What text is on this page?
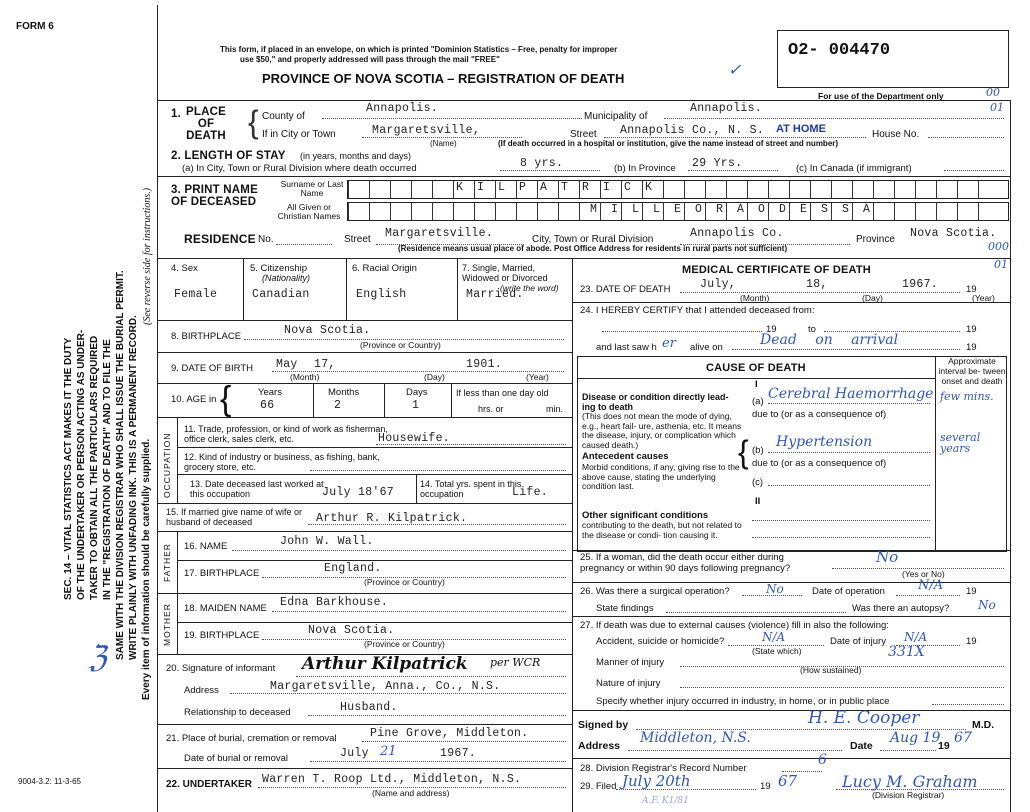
FORM 6
This form, if placed in an envelope, on which is printed "Dominion Statistics – Free, penalty for improper
use $50," and properly addressed will pass through the mail "FREE"
PROVINCE OF NOVA SCOTIA – REGISTRATION OF DEATH
O2- 004470
For use of the Department only	00
01
✓
SEC. 14 – VITAL STATISTICS ACT MAKES IT THE DUTY OF THE UNDERTAKER OR PERSON ACTING AS UNDER- TAKER TO OBTAIN ALL THE PARTICULARS REQUIRED IN THE "REGISTRATION OF DEATH" AND TO FILE THE SAME WITH THE DIVISION REGISTRAR WHO SHALL ISSUE THE BURIAL PERMIT. WRITE PLAINLY WITH UNFADING INK. THIS IS A PERMANENT RECORD. Every item of information should be carefully supplied.
(See reverse side for instructions.)
ℨ
9004-3.2: 11-3-65
1. PLACE OF DEATH { County of
Annapolis.
Municipality of
Annapolis.
If in City or Town	Margaretsville,
(Name)
Street Annapolis Co., N. S. AT HOME	House No.
(If death occurred in a hospital or institution, give the name instead of street and number)
2. LENGTH OF STAY (in years, months and days)
(a) In City, Town or Rural Division where death occurred	8 yrs.	(b) In Province 29 Yrs.	(c) In Canada (if immigrant)
3. PRINT NAME OF DECEASED
Surname or Last Name
All Given or Christian Names
K I L P A T R I C K
M I L L E O R A O D E S S A
RESIDENCE No.	Street Margaretsville.	City, Town or Rural Division	Annapolis Co.	Province Nova Scotia.
(Residence means usual place of abode. Post Office Address for residents in rural parts not sufficient)	000
01
4. Sex
Female
5. Citizenship
(Nationality)
Canadian
6. Racial Origin
English
7. Single, Married, Widowed or Divorced
(write the word)
Married.
8. BIRTHPLACE	Nova Scotia.
(Province or Country)
9. DATE OF BIRTH May 17,	1901.
(Month)	(Day)	(Year)
10. AGE in {	Years
66
Months
2
Days
1
If less than one day old
hrs. or	min.
OCCUPATION
11. Trade, profession, or kind of work as fisherman, office clerk, sales clerk, etc.	Housewife.
12. Kind of industry or business, as fishing, bank, grocery store, etc.
13. Date deceased last worked at this occupation	July 18'67
14. Total yrs. spent in this occupation	Life.
15. If married give name of wife or husband of deceased	Arthur R. Kilpatrick.
FATHER 16. NAME	John W. Wall.
17. BIRTHPLACE	England.
(Province or Country)
MOTHER 18. MAIDEN NAME Edna Barkhouse.
19. BIRTHPLACE	Nova Scotia.
(Province or Country)
20. Signature of informant Arthur Kilpatrick per WCR
Address	Margaretsville, Anna., Co., N.S.
Relationship to deceased	Husband.
21. Place of burial, cremation or removal	Pine Grove, Middleton.
Date of burial or removal	July 21	1967.
22. UNDERTAKER Warren T. Roop Ltd., Middleton, N.S.
(Name and address)
MEDICAL CERTIFICATE OF DEATH
23. DATE OF DEATH	July,	18,	1967.	19
(Month)	(Day)	(Year)
24. I HEREBY CERTIFY that I attended deceased from:
19	to	19
and last saw h er alive on	Dead on arrival	19
CAUSE OF DEATH
Approximate interval be- tween onset and death
I
Disease or condition directly lead- ing to death
(This does not mean the mode of dying, e.g., heart fail- ure, asthenia, etc. It means the disease, injury, or complication which caused death.)
(a) Cerebral Haemorrhage few mins.
due to (or as a consequence of)
Antecedent causes
Morbid conditions, if any, giving rise to the above cause, stating the underlying condition last.
{ (b)
Hypertension	several years
due to (or as a consequence of)
(c)
II
Other significant conditions
contributing to the death, but not related to the disease or condi- tion causing it.
25. If a woman, did the death occur either during pregnancy or within 90 days following pregnancy?
No
(Yes or No)
26. Was there a surgical operation?	No	Date of operation	N/A 19
State findings	Was there an autopsy? No
27. If death was due to external causes (violence) fill in also the following:
Accident, suicide or homicide?	N/A
(State which)
Date of injury N/A	19
Manner of injury
(How sustained)
331X
Nature of injury
Specify whether injury occurred in industry, in home, or in public place
Signed by	H. E. Cooper	M.D.
Address Middleton, N.S.	Date Aug 19
19 67
28. Division Registrar's Record Number
6
29. Filed July 20th	19 67	Lucy M. Graham
(Division Registrar)
A.F. K1/81
